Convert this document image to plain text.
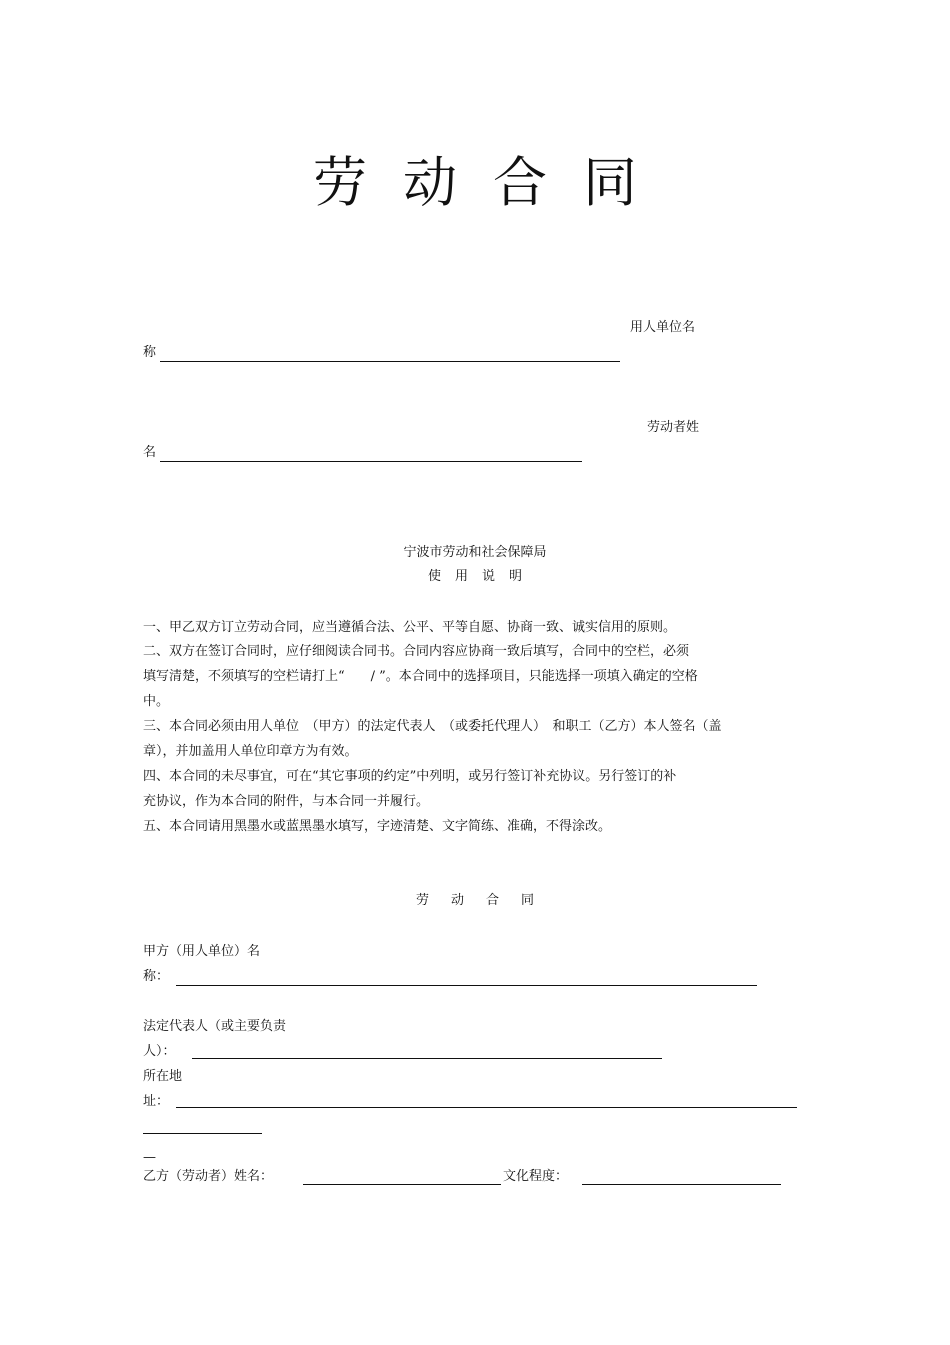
劳动合同
用人单位名
称
劳动者姓
名
宁波市劳动和社会保障局
使用说明
一、甲乙双方订立劳动合同，应当遵循合法、公平、平等自愿、协商一致、诚实信用的原则。
二、双方在签订合同时，应仔细阅读合同书。合同内容应协商一致后填写，合同中的空栏，必须
填写清楚，不须填写的空栏请打上“　　/ ”。本合同中的选择项目，只能选择一项填入确定的空格
中。
三、本合同必须由用人单位　（甲方）的法定代表人　（或委托代理人）　和职工（乙方）本人签名（盖
章），并加盖用人单位印章方为有效。
四、本合同的未尽事宜，可在“其它事项的约定”中列明，或另行签订补充协议。另行签订的补
充协议，作为本合同的附件，与本合同一并履行。
五、本合同请用黑墨水或蓝黑墨水填写，字迹清楚、文字简练、准确，不得涂改。
劳动合同
甲方（用人单位）名
称：
法定代表人（或主要负责
人）：
所在地
址：
—
乙方（劳动者）姓名：	文化程度：
